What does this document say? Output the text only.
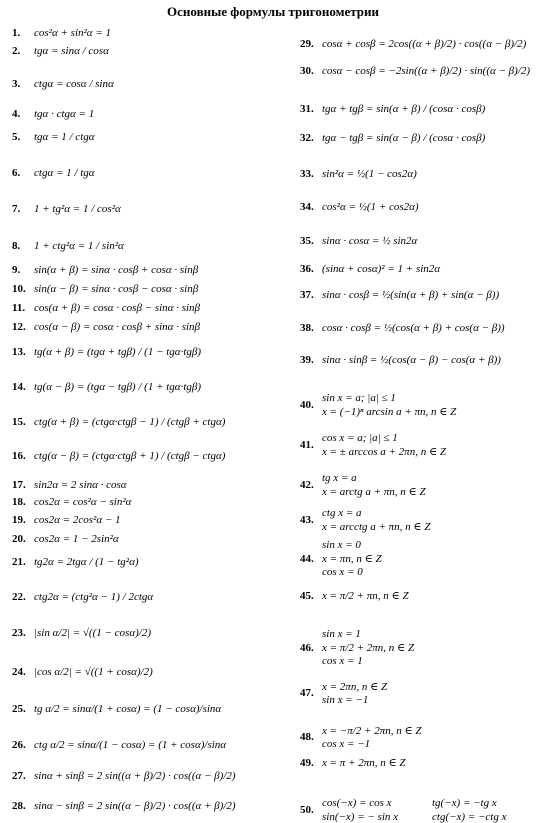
Основные формулы тригонометрии
1.	cos²α + sin²α = 1
2.	tgα = sinα / cosα
3.	ctgα = cosα / sinα
4.	tgα · ctgα = 1
5.	tgα = 1 / ctgα
6.	ctgα = 1 / tgα
7.	1 + tg²α = 1 / cos²α
8.	1 + ctg²α = 1 / sin²α
9.	sin(α + β) = sinα · cosβ + cosα · sinβ
10. sin(α − β) = sinα · cosβ − cosα · sinβ
11. cos(α + β) = cosα · cosβ − sinα · sinβ
12. cos(α − β) = cosα · cosβ + sinα · sinβ
13. tg(α + β) = (tgα + tgβ) / (1 − tgα·tgβ)
14. tg(α − β) = (tgα − tgβ) / (1 + tgα·tgβ)
15. ctg(α + β) = (ctgα·ctgβ − 1) / (ctgβ + ctgα)
16. ctg(α − β) = (ctgα·ctgβ + 1) / (ctgβ − ctgα)
17. sin2α = 2 sinα · cosα
18. cos2α = cos²α − sin²α
19. cos2α = 2cos²α − 1
20. cos2α = 1 − 2sin²α
21. tg2α = 2tgα / (1 − tg²α)
22. ctg2α = (ctg²α − 1) / 2ctgα
23. |sin α/2| = √((1 − cosα)/2)
24. |cos α/2| = √((1 + cosα)/2)
25. tg α/2 = sinα/(1 + cosα) = (1 − cosα)/sinα
26. ctg α/2 = sinα/(1 − cosα) = (1 + cosα)/sinα
27. sinα + sinβ = 2 sin((α + β)/2) · cos((α − β)/2)
28. sinα − sinβ = 2 sin((α − β)/2) · cos((α + β)/2)
29. cosα + cosβ = 2cos((α + β)/2) · cos((α − β)/2)
30. cosα − cosβ = −2sin((α + β)/2) · sin((α − β)/2)
31. tgα + tgβ = sin(α + β) / (cosα · cosβ)
32. tgα − tgβ = sin(α − β) / (cosα · cosβ)
33. sin²α = ½(1 − cos2α)
34. cos²α = ½(1 + cos2α)
35. sinα · cosα = ½ sin2α
36. (sinα + cosα)² = 1 + sin2α
37. sinα · cosβ = ½(sin(α + β) + sin(α − β))
38. cosα · cosβ = ½(cos(α + β) + cos(α − β))
39. sinα · sinβ = ½(cos(α − β) − cos(α + β))
40.
sin x = a; |a| ≤ 1
x = (−1)ⁿ arcsin a + πn, n ∈ Z
41.
cos x = a; |a| ≤ 1
x = ± arccos a + 2πn, n ∈ Z
42.
tg x = a
x = arctg a + πn, n ∈ Z
43.
ctg x = a
x = arcctg a + πn, n ∈ Z
44.
sin x = 0
x = πn, n ∈ Z
cos x = 0
45. x = π/2 + πn, n ∈ Z
46.
sin x = 1
x = π/2 + 2πn, n ∈ Z
cos x = 1
47. x = 2πn, n ∈ Z
sin x = −1
48. x = −π/2 + 2πn, n ∈ Z
cos x = −1
49. x = π + 2πn, n ∈ Z
50.
cos(−x) = cos x	tg(−x) = −tg x
sin(−x) = − sin x	ctg(−x) = −ctg x
